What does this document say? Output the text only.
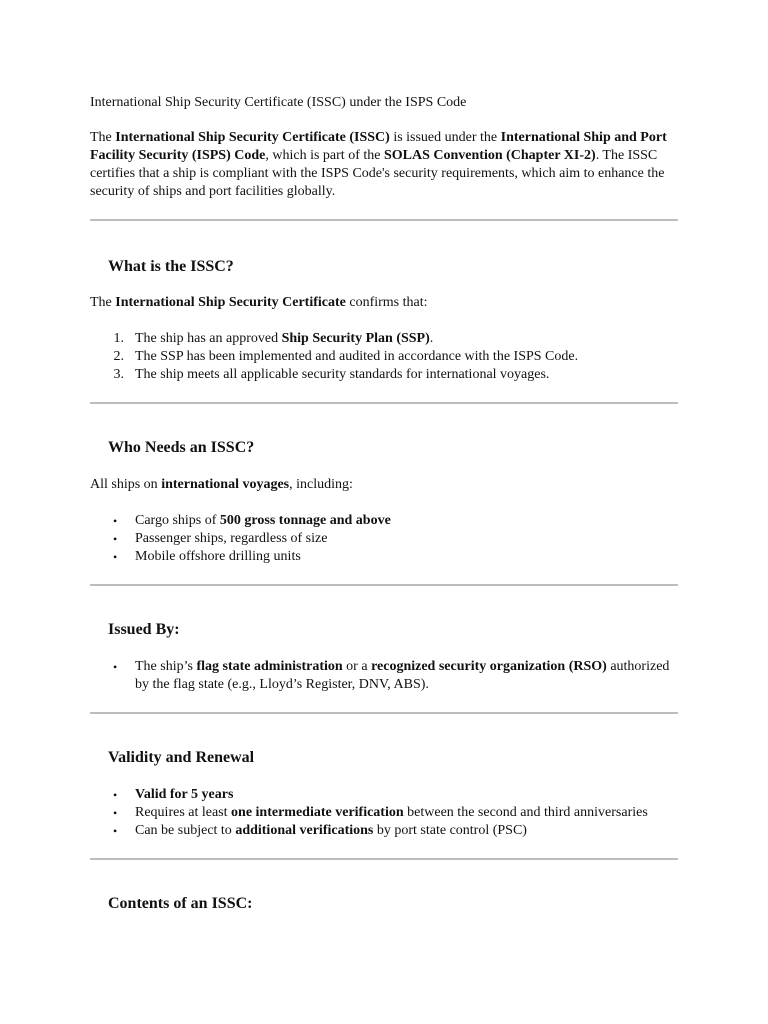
International Ship Security Certificate (ISSC) under the ISPS Code

The International Ship Security Certificate (ISSC) is issued under the International Ship and Port Facility Security (ISPS) Code, which is part of the SOLAS Convention (Chapter XI-2). The ISSC certifies that a ship is compliant with the ISPS Code's security requirements, which aim to enhance the security of ships and port facilities globally.

What is the ISSC?

The International Ship Security Certificate confirms that:

1. The ship has an approved Ship Security Plan (SSP).
2. The SSP has been implemented and audited in accordance with the ISPS Code.
3. The ship meets all applicable security standards for international voyages.
Who Needs an ISSC?

All ships on international voyages, including:

• Cargo ships of 500 gross tonnage and above
• Passenger ships, regardless of size
• Mobile offshore drilling units
Issued By:
• The ship’s flag state administration or a recognized security organization (RSO) authorized by the flag state (e.g., Lloyd’s Register, DNV, ABS).
Validity and Renewal
• Valid for 5 years
• Requires at least one intermediate verification between the second and third anniversaries
• Can be subject to additional verifications by port state control (PSC)
Contents of an ISSC:
